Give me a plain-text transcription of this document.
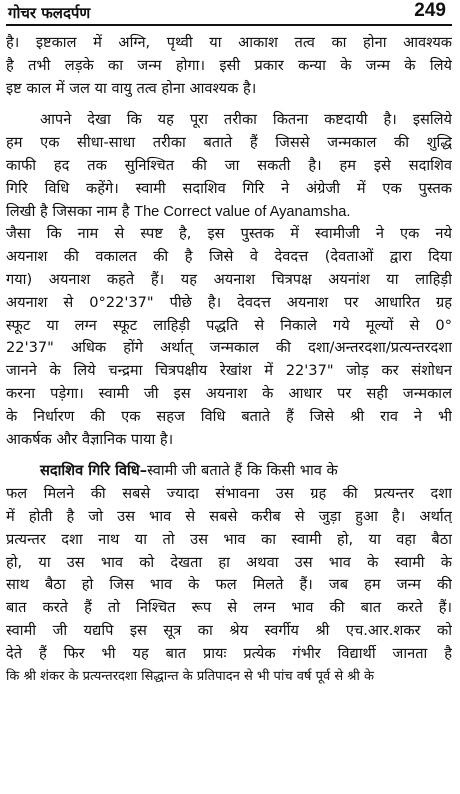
गोचर फलदर्पण	249
है। इष्टकाल में अग्नि, पृथ्वी या आकाश तत्व का होना आवश्यक
है तभी लड़के का जन्म होगा। इसी प्रकार कन्या के जन्म के लिये
इष्ट काल में जल या वायु तत्व होना आवश्यक है।
आपने देखा कि यह पूरा तरीका कितना कष्टदायी है। इसलिये
हम एक सीधा-साधा तरीका बताते हैं जिससे जन्मकाल की शुद्धि
काफी हद तक सुनिश्चित की जा सकती है। हम इसे सदाशिव
गिरि विधि कहेंगे। स्वामी सदाशिव गिरि ने अंग्रेजी में एक पुस्तक
लिखी है जिसका नाम है The Correct value of Ayanamsha.
जैसा कि नाम से स्पष्ट है, इस पुस्तक में स्वामीजी ने एक नये
अयनाश की वकालत की है जिसे वे देवदत्त (देवताओं द्वारा दिया
गया) अयनाश कहते हैं। यह अयनाश चित्रपक्ष अयनांश या लाहिड़ी
अयनाश से 0°22'37" पीछे है। देवदत्त अयनाश पर आधारित ग्रह
स्फूट या लग्न स्फूट लाहिड़ी पद्धति से निकाले गये मूल्यों से 0°
22'37" अधिक होंगे अर्थात् जन्मकाल की दशा/अन्तरदशा/प्रत्यन्तरदशा
जानने के लिये चन्द्रमा चित्रपक्षीय रेखांश में 22'37" जोड़ कर संशोधन
करना पड़ेगा। स्वामी जी इस अयनाश के आधार पर सही जन्मकाल
के निर्धारण की एक सहज विधि बताते हैं जिसे श्री राव ने भी
आकर्षक और वैज्ञानिक पाया है।
सदाशिव गिरि विधि–स्वामी जी बताते हैं कि किसी भाव के
फल मिलने की सबसे ज्यादा संभावना उस ग्रह की प्रत्यन्तर दशा
में होती है जो उस भाव से सबसे करीब से जुड़ा हुआ है। अर्थात्
प्रत्यन्तर दशा नाथ या तो उस भाव का स्वामी हो, या वहा बैठा
हो, या उस भाव को देखता हा अथवा उस भाव के स्वामी के
साथ बैठा हो जिस भाव के फल मिलते हैं। जब हम जन्म की
बात करते हैं तो निश्चित रूप से लग्न भाव की बात करते हैं।
स्वामी जी यद्यपि इस सूत्र का श्रेय स्वर्गीय श्री एच.आर.शकर को
देते हैं फिर भी यह बात प्रायः प्रत्येक गंभीर विद्यार्थी जानता है
कि श्री शंकर के प्रत्यन्तरदशा सिद्धान्त के प्रतिपादन से भी पांच वर्ष पूर्व से श्री के
